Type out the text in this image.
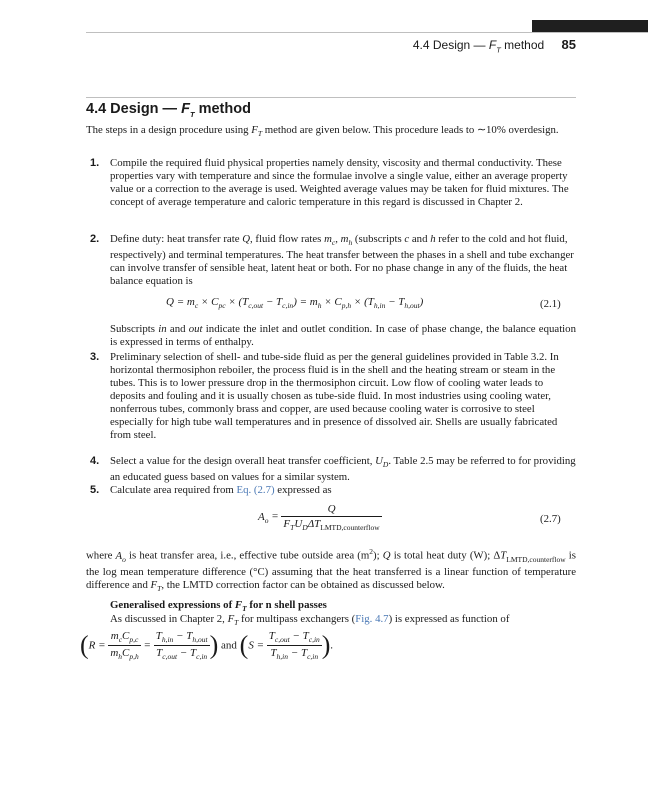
4.4 Design — $F_T$ method 85
4.4 Design — $F_T$ method

The steps in a design procedure using $F_T$ method are given below. This procedure leads to ∼10% overdesign.

1. Compile the required fluid physical properties namely density, viscosity and thermal conductivity. These properties vary with temperature and since the formulae involve a single value, either an average property value or a correction to the average is used. Weighted average values may be taken for fluid mixtures. The concept of average temperature and caloric temperature in this regard is discussed in Chapter 2.
2. Define duty: heat transfer rate Q, fluid flow rates $m_c$, $m_h$ (subscripts c and h refer to the cold and hot fluid, respectively) and terminal temperatures. The heat transfer between the phases in a shell and tube exchanger can involve transfer of sensible heat, latent heat or both. For no phase change in any of the fluids, the heat balance equation is
$Q = m_c \times C_{pc} \times (T_{c,out} - T_{c,in}) = m_h \times C_{p,h} \times (T_{h,in} - T_{h,out})$	(2.1)

Subscripts in and out indicate the inlet and outlet condition. In case of phase change, the balance equation is expressed in terms of enthalpy.

3. Preliminary selection of shell- and tube-side fluid as per the general guidelines provided in Table 3.2. In horizontal thermosiphon reboiler, the process fluid is in the shell and the heating stream or steam in the tubes. This is to lower pressure drop in the thermosiphon circuit. Low flow of cooling water leads to deposits and fouling and it is usually chosen as tube-side fluid. In most industries using cooling water, nonferrous tubes, commonly brass and copper, are used because cooling water is corrosive to steel especially for high tube wall temperatures and in presence of dissolved air. Shells are usually fabricated from steel.
4. Select a value for the design overall heat transfer coefficient, $U_D$. Table 2.5 may be referred to for providing an educated guess based on values for a similar system.
5. Calculate area required from Eq. (2.7) expressed as
$A_o = \frac{Q}{F_TU_D\Delta T_{LMTD,counterflow}}$	(2.7)

where $A_o$ is heat transfer area, i.e., effective tube outside area $(m^2)$; Q is total heat duty (W); $\Delta T_{LMTD,counterflow}$ is the log mean temperature difference (°C) assuming that the heat transferred is a linear function of temperature difference and $F_T$, the LMTD correction factor can be obtained as discussed below.

Generalised expressions of $F_T$ for n shell passes

As discussed in Chapter 2, $F_T$ for multipass exchangers (Fig. 4.7) is expressed as function of

($R = \frac{m_cC_{p,c}}{m_hC_{p,h}} = \frac{T_{h,in} - T_{h,out}}{T_{c,out} - T_{c,in}}$ ) and ($S = \frac{T_{c,out} - T_{c,in}}{T_{h,in} - T_{c,in}}$ ).
